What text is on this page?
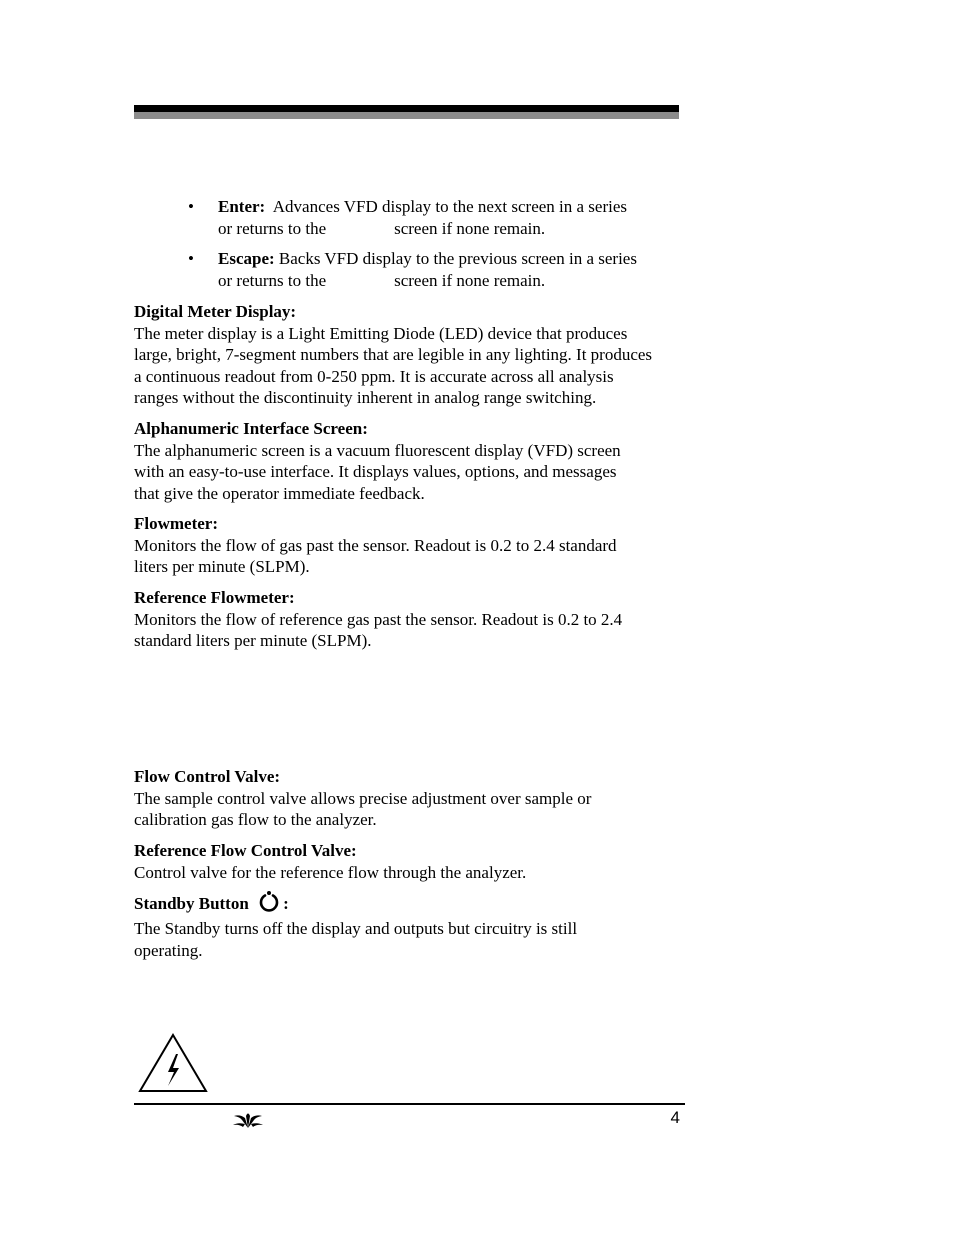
• Enter: Advances VFD display to the next screen in a series
or returns to the	screen if none remain.
• Escape: Backs VFD display to the previous screen in a series
or returns to the	screen if none remain.
Digital Meter Display:
The meter display is a Light Emitting Diode (LED) device that produces
large, bright, 7-segment numbers that are legible in any lighting. It produces
a continuous readout from 0-250 ppm. It is accurate across all analysis
ranges without the discontinuity inherent in analog range switching.
Alphanumeric Interface Screen:
The alphanumeric screen is a vacuum fluorescent display (VFD) screen
with an easy-to-use interface. It displays values, options, and messages
that give the operator immediate feedback.
Flowmeter:
Monitors the flow of gas past the sensor. Readout is 0.2 to 2.4 standard
liters per minute (SLPM).
Reference Flowmeter:
Monitors the flow of reference gas past the sensor. Readout is 0.2 to 2.4
standard liters per minute (SLPM).
Flow Control Valve:
The sample control valve allows precise adjustment over sample or
calibration gas flow to the analyzer.
Reference Flow Control Valve:
Control valve for the reference flow through the analyzer.
Standby Button :
The Standby turns off the display and outputs but circuitry is still
operating.
4
